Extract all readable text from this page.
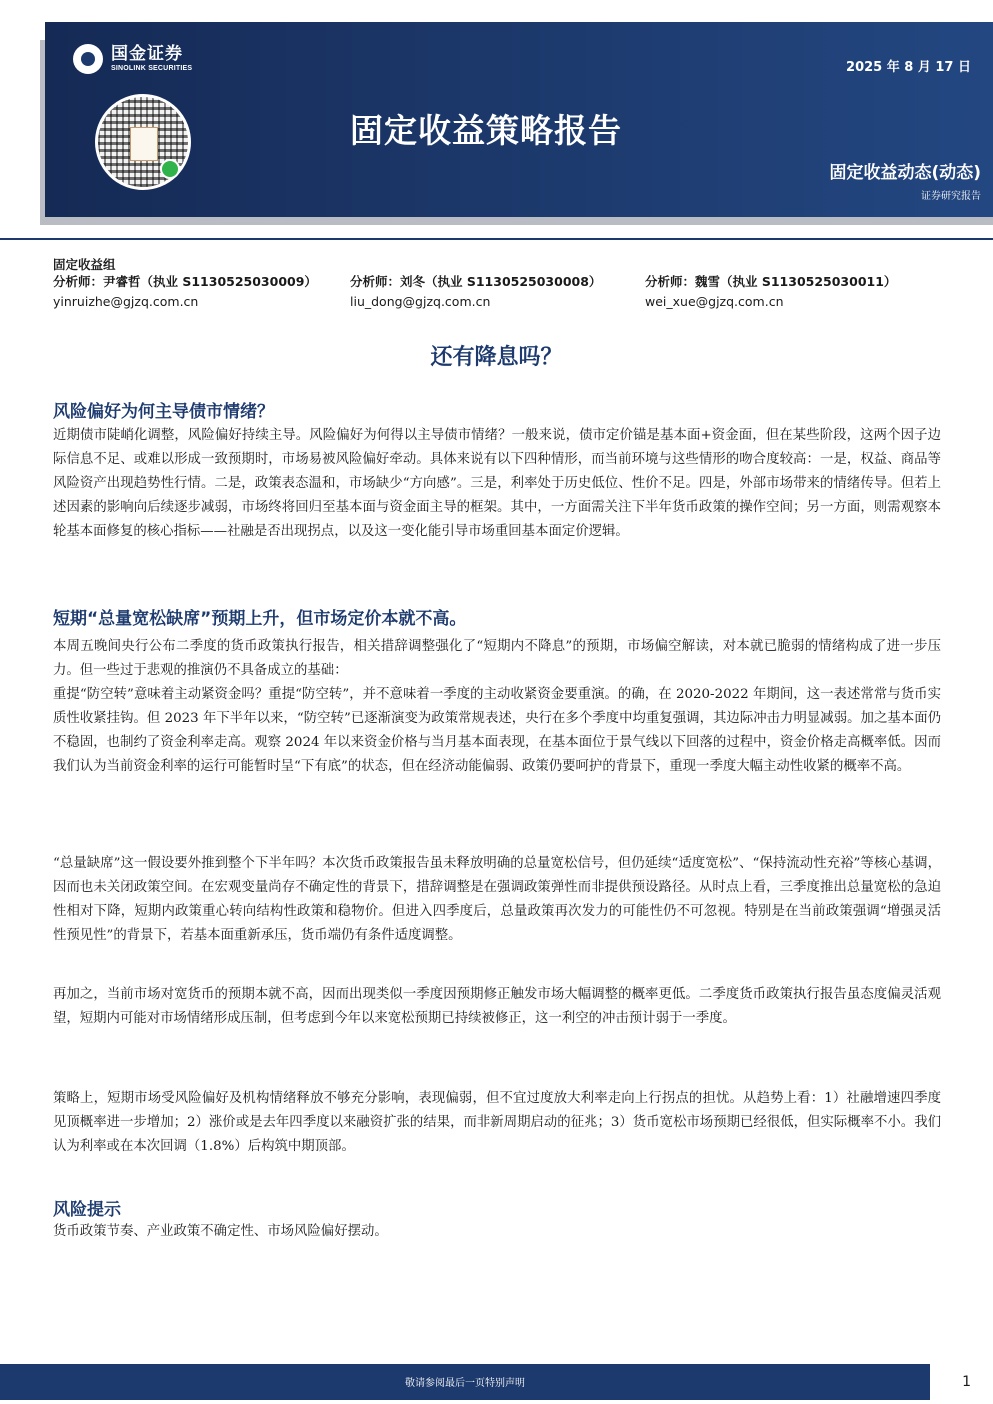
国金证券
SINOLINK SECURITIES	2025 年 8 月 17 日
固定收益策略报告
固定收益动态(动态)
证券研究报告
固定收益组
分析师：尹睿哲（执业 S1130525030009）
yinruizhe@gjzq.com.cn
分析师：刘冬（执业 S1130525030008）
liu_dong@gjzq.com.cn
分析师：魏雪（执业 S1130525030011）
wei_xue@gjzq.com.cn
还有降息吗？
风险偏好为何主导债市情绪？
近期债市陡峭化调整，风险偏好持续主导。风险偏好为何得以主导债市情绪？一般来说，债市定价锚是基本面+资金面，但在某些阶段，这两个因子边际信息不足、或难以形成一致预期时，市场易被风险偏好牵动。具体来说有以下四种情形，而当前环境与这些情形的吻合度较高：一是，权益、商品等风险资产出现趋势性行情。二是，政策表态温和，市场缺少“方向感”。三是，利率处于历史低位、性价不足。四是，外部市场带来的情绪传导。但若上述因素的影响向后续逐步减弱，市场终将回归至基本面与资金面主导的框架。其中，一方面需关注下半年货币政策的操作空间；另一方面，则需观察本轮基本面修复的核心指标——社融是否出现拐点，以及这一变化能引导市场重回基本面定价逻辑。
短期“总量宽松缺席”预期上升，但市场定价本就不高。
本周五晚间央行公布二季度的货币政策执行报告，相关措辞调整强化了“短期内不降息”的预期，市场偏空解读，对本就已脆弱的情绪构成了进一步压力。但一些过于悲观的推演仍不具备成立的基础：
重提“防空转”意味着主动紧资金吗？重提“防空转”，并不意味着一季度的主动收紧资金要重演。的确，在 2020-2022 年期间，这一表述常常与货币实质性收紧挂钩。但 2023 年下半年以来，“防空转”已逐渐演变为政策常规表述，央行在多个季度中均重复强调，其边际冲击力明显减弱。加之基本面仍不稳固，也制约了资金利率走高。观察 2024 年以来资金价格与当月基本面表现，在基本面位于景气线以下回落的过程中，资金价格走高概率低。因而我们认为当前资金利率的运行可能暂时呈“下有底”的状态，但在经济动能偏弱、政策仍要呵护的背景下，重现一季度大幅主动性收紧的概率不高。
“总量缺席”这一假设要外推到整个下半年吗？本次货币政策报告虽未释放明确的总量宽松信号，但仍延续“适度宽松”、“保持流动性充裕”等核心基调，因而也未关闭政策空间。在宏观变量尚存不确定性的背景下，措辞调整是在强调政策弹性而非提供预设路径。从时点上看，三季度推出总量宽松的急迫性相对下降，短期内政策重心转向结构性政策和稳物价。但进入四季度后，总量政策再次发力的可能性仍不可忽视。特别是在当前政策强调“增强灵活性预见性”的背景下，若基本面重新承压，货币端仍有条件适度调整。
再加之，当前市场对宽货币的预期本就不高，因而出现类似一季度因预期修正触发市场大幅调整的概率更低。二季度货币政策执行报告虽态度偏灵活观望，短期内可能对市场情绪形成压制，但考虑到今年以来宽松预期已持续被修正，这一利空的冲击预计弱于一季度。
策略上，短期市场受风险偏好及机构情绪释放不够充分影响，表现偏弱，但不宜过度放大利率走向上行拐点的担忧。从趋势上看：1）社融增速四季度见顶概率进一步增加；2）涨价或是去年四季度以来融资扩张的结果，而非新周期启动的征兆；3）货币宽松市场预期已经很低，但实际概率不小。我们认为利率或在本次回调（1.8%）后构筑中期顶部。
风险提示
货币政策节奏、产业政策不确定性、市场风险偏好摆动。
敬请参阅最后一页特别声明	1
